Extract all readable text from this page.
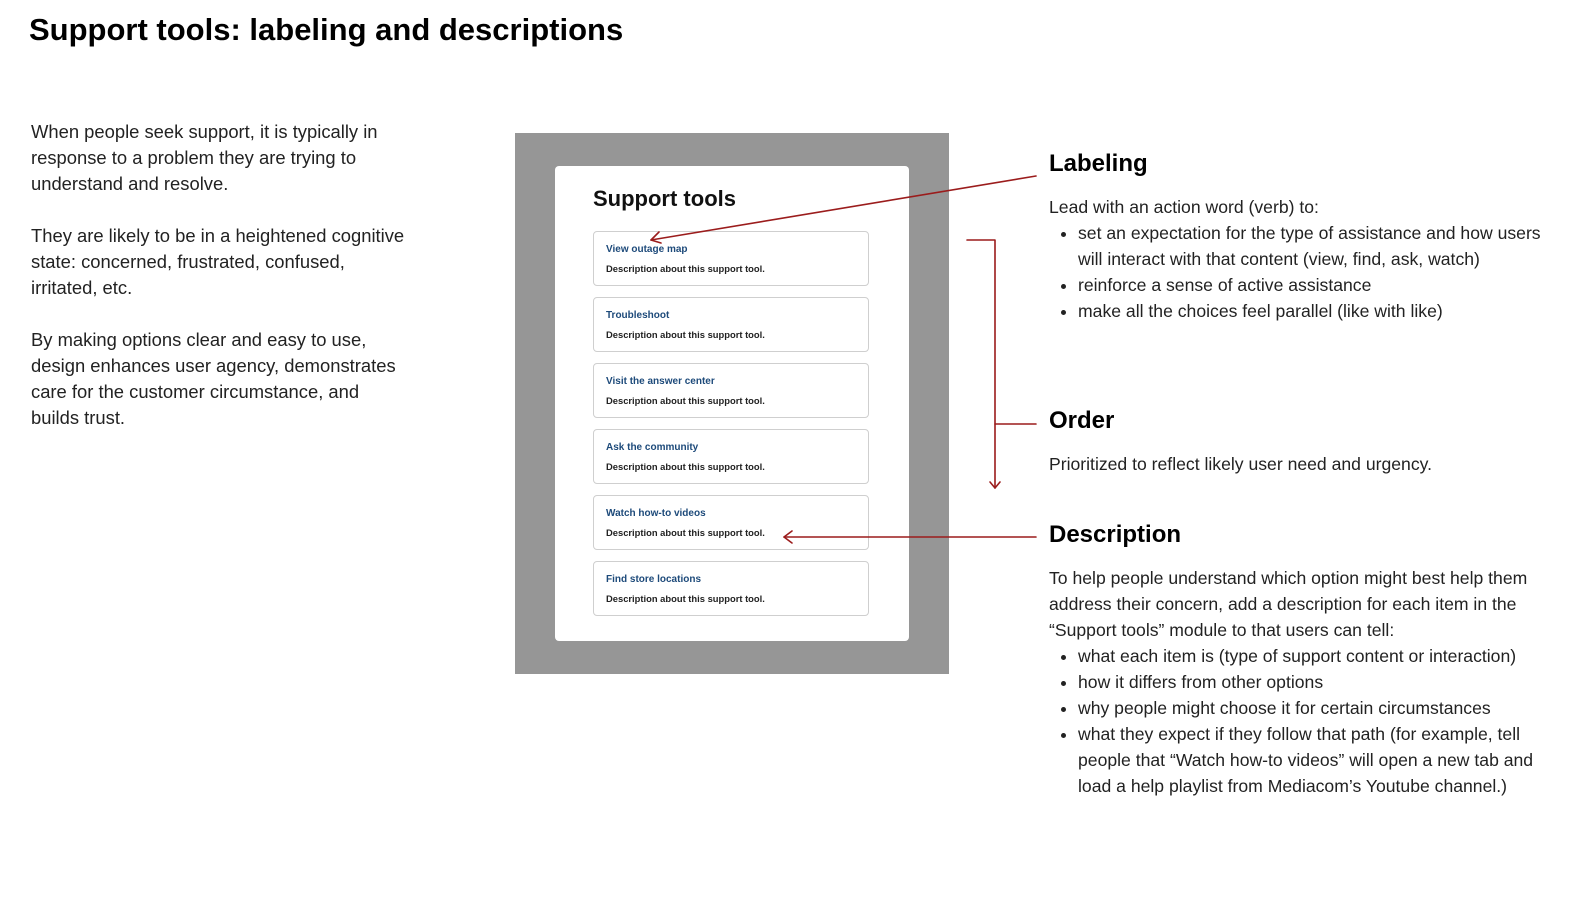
Support tools: labeling and descriptions

When people seek support, it is typically in response to a problem they are trying to understand and resolve.

They are likely to be in a heightened cognitive state: concerned, frustrated, confused, irritated, etc.

By making options clear and easy to use, design enhances user agency, demonstrates care for the customer circumstance, and builds trust.

Support tools
View outage map
Description about this support tool.
Troubleshoot
Description about this support tool.
Visit the answer center
Description about this support tool.
Ask the community
Description about this support tool.
Watch how-to videos
Description about this support tool.
Find store locations
Description about this support tool.
Labeling

Lead with an action word (verb) to:

• set an expectation for the type of assistance and how users will interact with that content (view, find, ask, watch)
• reinforce a sense of active assistance
• make all the choices feel parallel (like with like)
Order

Prioritized to reflect likely user need and urgency.

Description

To help people understand which option might best help them address their concern, add a description for each item in the “Support tools” module to that users can tell:

• what each item is (type of support content or interaction)
• how it differs from other options
• why people might choose it for certain circumstances
• what they expect if they follow that path (for example, tell people that “Watch how-to videos” will open a new tab and load a help playlist from Mediacom’s Youtube channel.)
